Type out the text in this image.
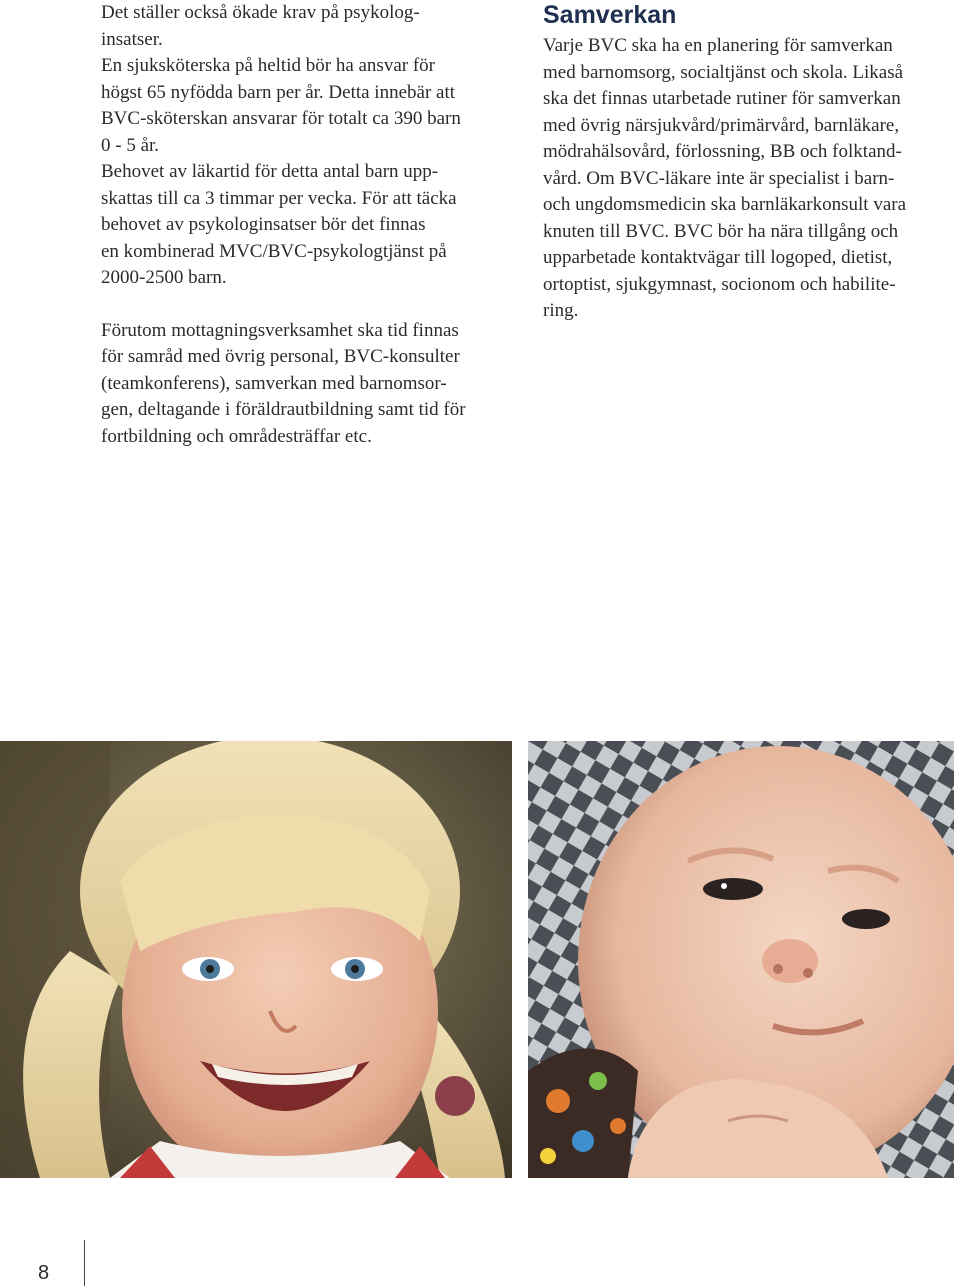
Det ställer också ökade krav på psykolog-
insatser.
En sjuksköterska på heltid bör ha ansvar för
högst 65 nyfödda barn per år. Detta innebär att
BVC-sköterskan ansvarar för totalt ca 390 barn
0 - 5 år.
Behovet av läkartid för detta antal barn upp-
skattas till ca 3 timmar per vecka. För att täcka
behovet av psykologinsatser bör det finnas
en kombinerad MVC/BVC-psykologtjänst på
2000-2500 barn.
Förutom mottagningsverksamhet ska tid finnas
för samråd med övrig personal, BVC-konsulter
(teamkonferens), samverkan med barnomsor-
gen, deltagande i föräldrautbildning samt tid för
fortbildning och områdesträffar etc.
Samverkan
Varje BVC ska ha en planering för samverkan
med barnomsorg, socialtjänst och skola. Likaså
ska det finnas utarbetade rutiner för samverkan
med övrig närsjukvård/primärvård, barnläkare,
mödrahälsovård, förlossning, BB och folktand-
vård. Om BVC-läkare inte är specialist i barn-
och ungdomsmedicin ska barnläkarkonsult vara
knuten till BVC. BVC bör ha nära tillgång och
upparbetade kontaktvägar till logoped, dietist,
ortoptist, sjukgymnast, socionom och habilite-
ring.
8
